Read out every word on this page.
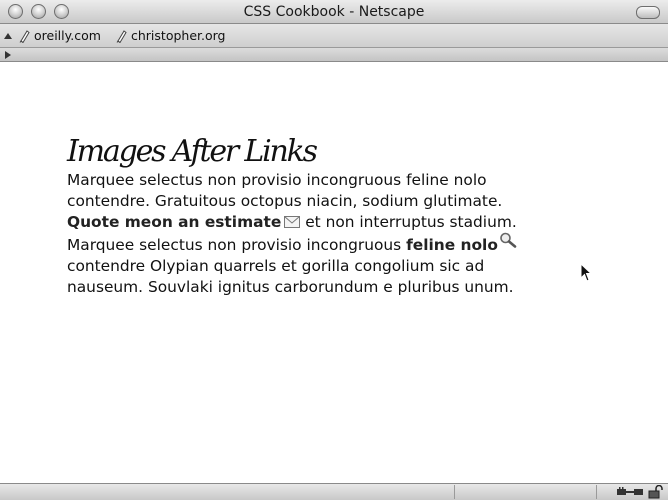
CSS Cookbook - Netscape
oreilly.com christopher.org
Images After Links

Marquee selectus non provisio incongruous feline nolo

contendre. Gratuitous octopus niacin, sodium glutimate.

Quote meon an estimate et non interruptus stadium.

Marquee selectus non provisio incongruous feline nolo

contendre Olypian quarrels et gorilla congolium sic ad

nauseum. Souvlaki ignitus carborundum e pluribus unum.
